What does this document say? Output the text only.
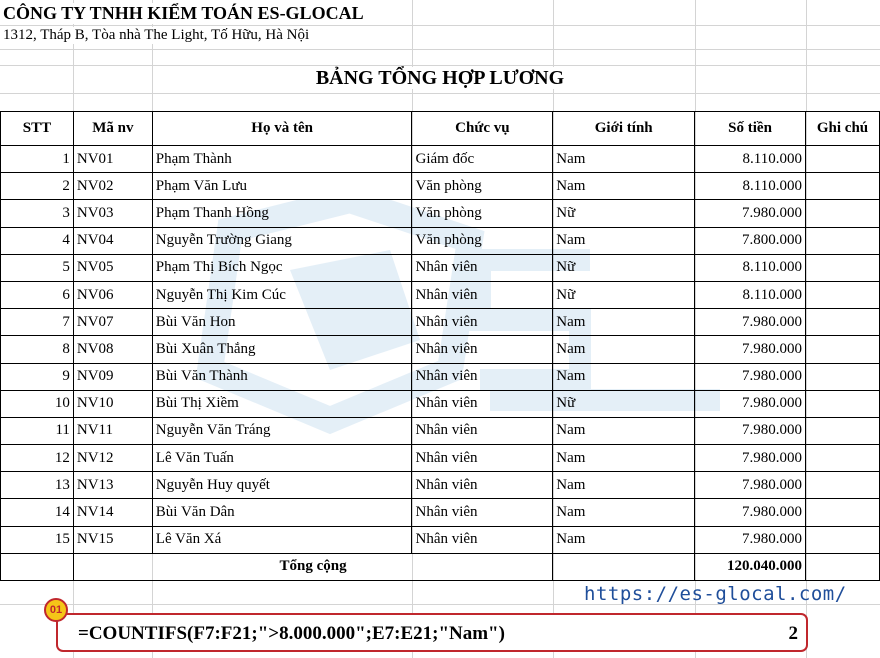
CÔNG TY TNHH KIỂM TOÁN ES-GLOCAL
1312, Tháp B, Tòa nhà The Light, Tố Hữu, Hà Nội
BẢNG TỔNG HỢP LƯƠNG
STT	Mã nv	Họ và tên	Chức vụ	Giới tính	Số tiền	Ghi chú
1	NV01	Phạm Thành	Giám đốc	Nam	8.110.000	
2	NV02	Phạm Văn Lưu	Văn phòng	Nam	8.110.000	
3	NV03	Phạm Thanh Hồng	Văn phòng	Nữ	7.980.000	
4	NV04	Nguyễn Trường Giang	Văn phòng	Nam	7.800.000	
5	NV05	Phạm Thị Bích Ngọc	Nhân viên	Nữ	8.110.000	
6	NV06	Nguyễn Thị Kim Cúc	Nhân viên	Nữ	8.110.000	
7	NV07	Bùi Văn Hon	Nhân viên	Nam	7.980.000	
8	NV08	Bùi Xuân Thắng	Nhân viên	Nam	7.980.000	
9	NV09	Bùi Văn Thành	Nhân viên	Nam	7.980.000	
10	NV10	Bùi Thị Xiềm	Nhân viên	Nữ	7.980.000	
11	NV11	Nguyễn Văn Tráng	Nhân viên	Nam	7.980.000	
12	NV12	Lê Văn Tuấn	Nhân viên	Nam	7.980.000	
13	NV13	Nguyễn Huy quyết	Nhân viên	Nam	7.980.000	
14	NV14	Bùi Văn Dân	Nhân viên	Nam	7.980.000	
15	NV15	Lê Văn Xá	Nhân viên	Nam	7.980.000	
	Tổng cộng				120.040.000	
https://es-glocal.com/
=COUNTIFS(F7:F21;">8.000.000";E7:E21;"Nam")	2
01
